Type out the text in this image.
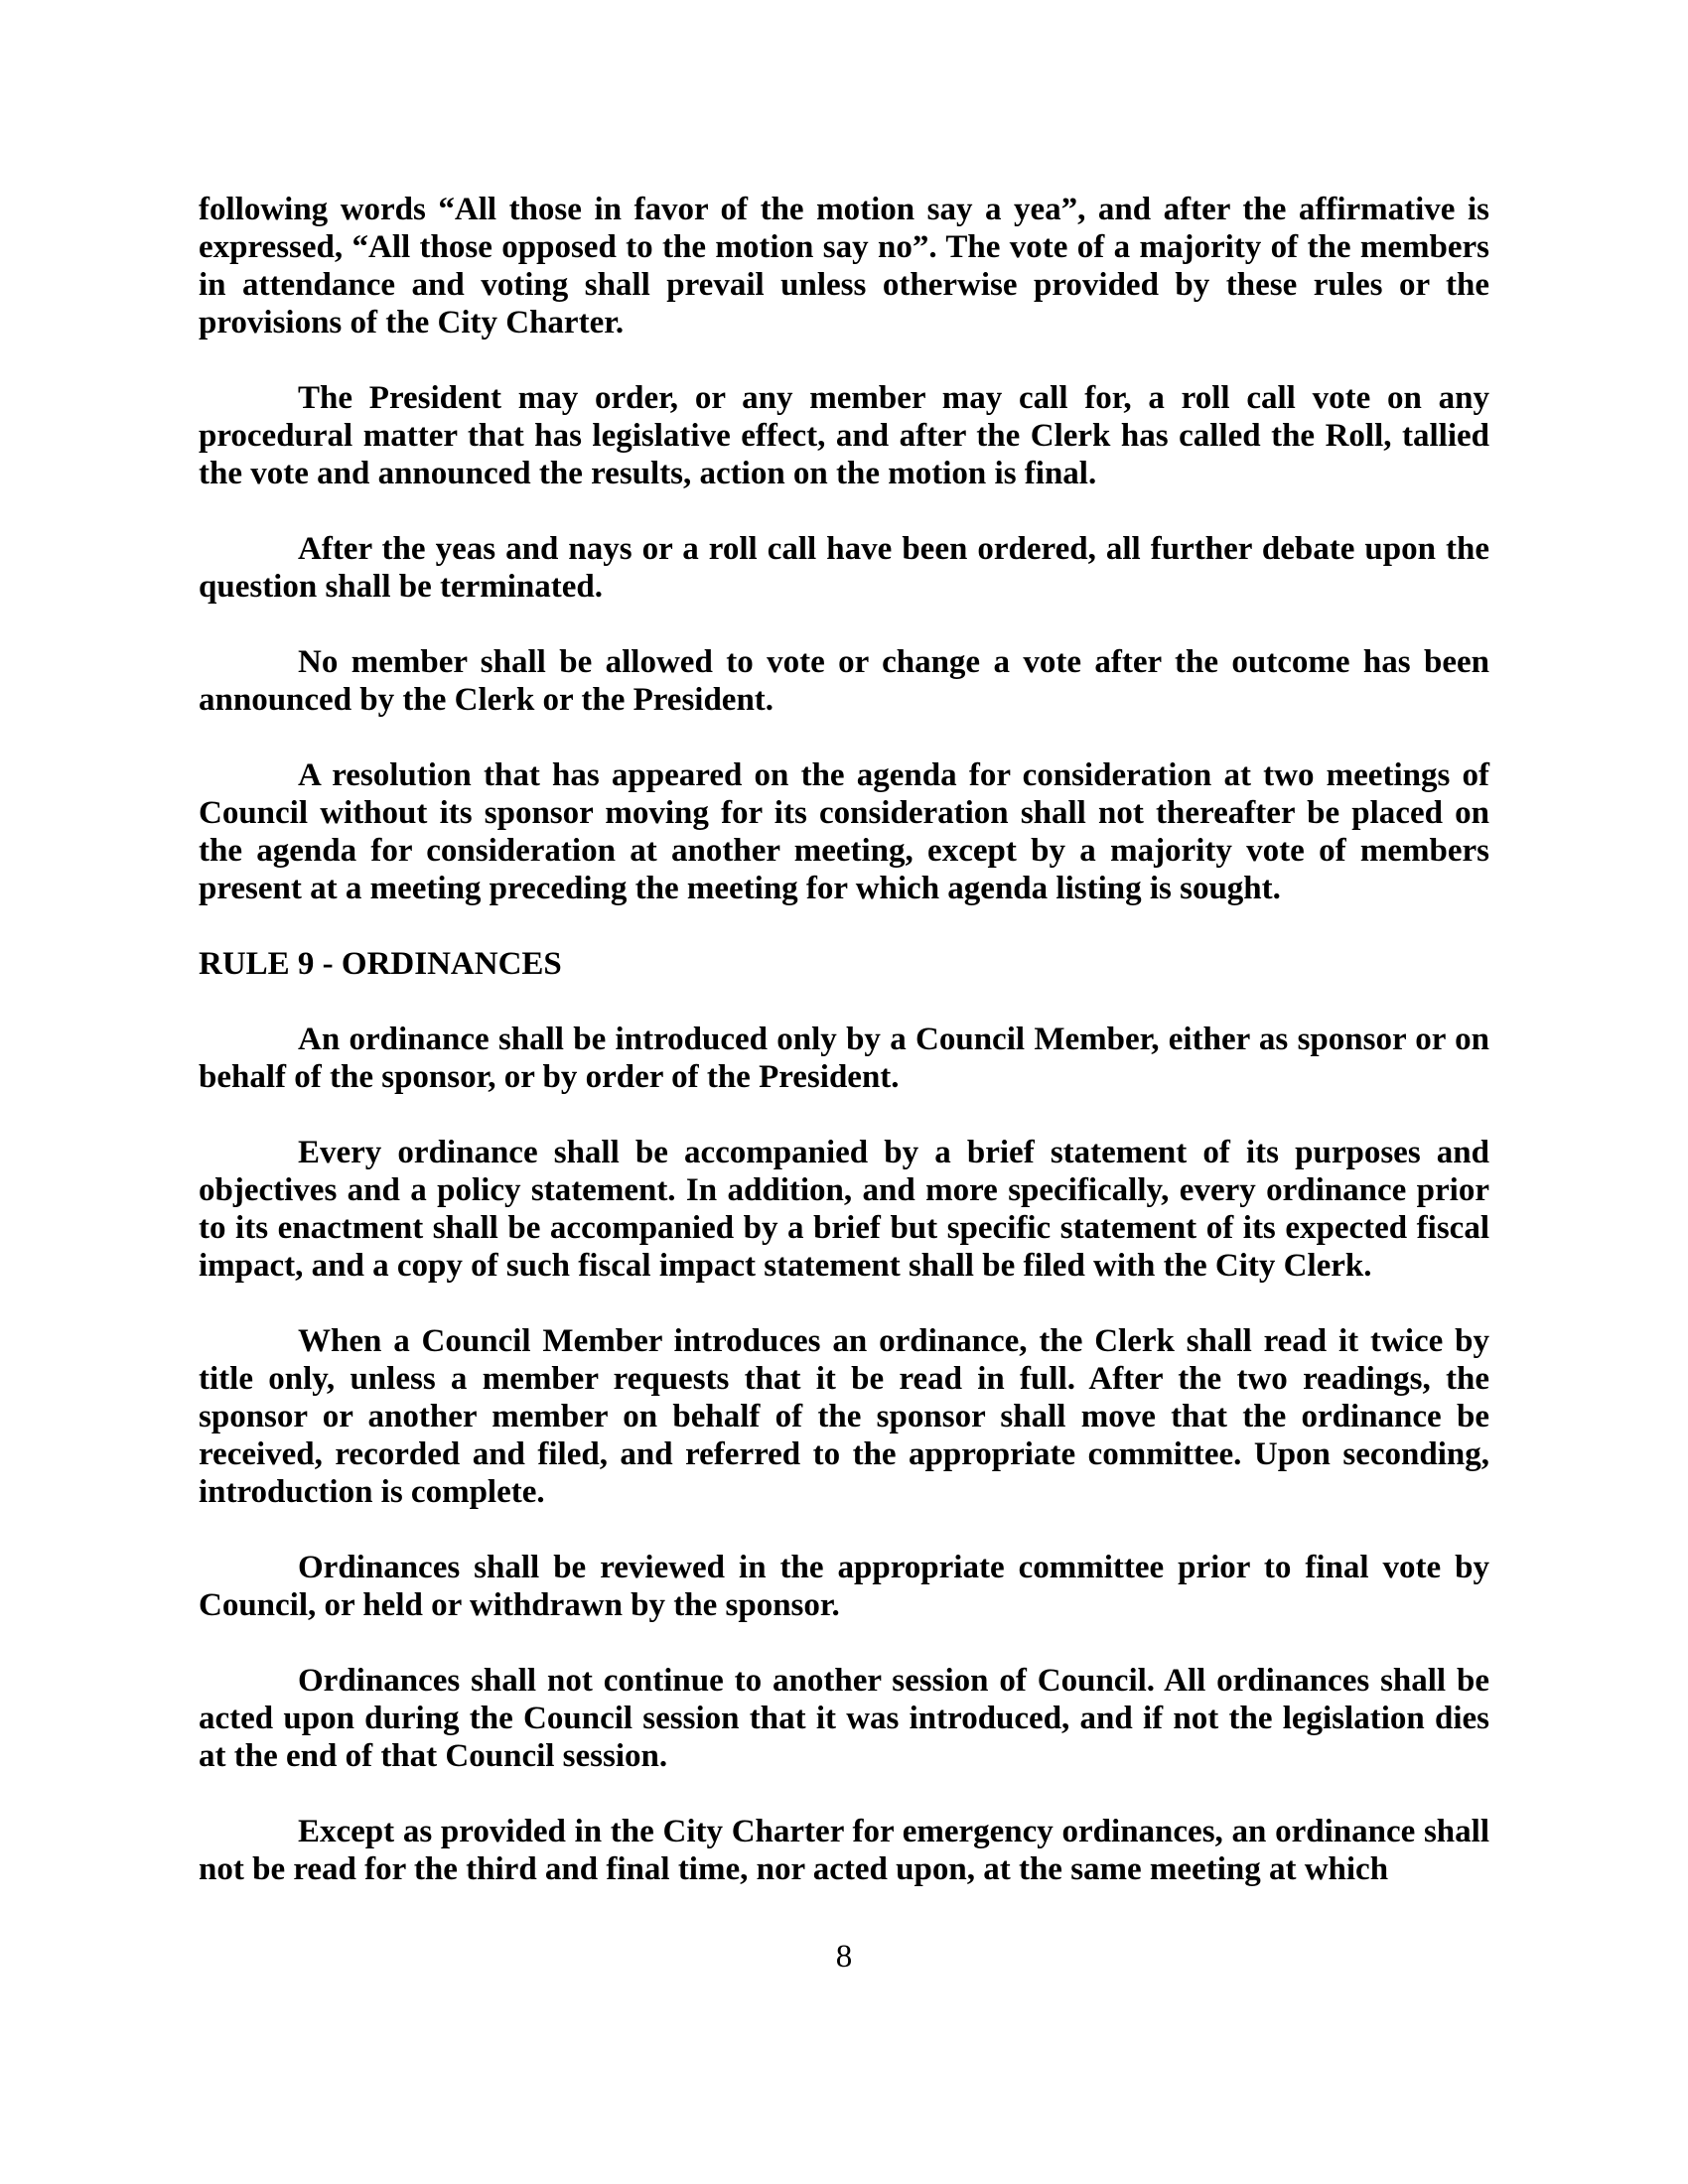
following words “All those in favor of the motion say a yea”, and after the affirmative is expressed, “All those opposed to the motion say no”. The vote of a majority of the members in attendance and voting shall prevail unless otherwise provided by these rules or the provisions of the City Charter.

The President may order, or any member may call for, a roll call vote on any procedural matter that has legislative effect, and after the Clerk has called the Roll, tallied the vote and announced the results, action on the motion is final.

After the yeas and nays or a roll call have been ordered, all further debate upon the question shall be terminated.

No member shall be allowed to vote or change a vote after the outcome has been announced by the Clerk or the President.

A resolution that has appeared on the agenda for consideration at two meetings of Council without its sponsor moving for its consideration shall not thereafter be placed on the agenda for consideration at another meeting, except by a majority vote of members present at a meeting preceding the meeting for which agenda listing is sought.

RULE 9 - ORDINANCES

An ordinance shall be introduced only by a Council Member, either as sponsor or on behalf of the sponsor, or by order of the President.

Every ordinance shall be accompanied by a brief statement of its purposes and objectives and a policy statement. In addition, and more specifically, every ordinance prior to its enactment shall be accompanied by a brief but specific statement of its expected fiscal impact, and a copy of such fiscal impact statement shall be filed with the City Clerk.

When a Council Member introduces an ordinance, the Clerk shall read it twice by title only, unless a member requests that it be read in full. After the two readings, the sponsor or another member on behalf of the sponsor shall move that the ordinance be received, recorded and filed, and referred to the appropriate committee. Upon seconding, introduction is complete.

Ordinances shall be reviewed in the appropriate committee prior to final vote by Council, or held or withdrawn by the sponsor.

Ordinances shall not continue to another session of Council. All ordinances shall be acted upon during the Council session that it was introduced, and if not the legislation dies at the end of that Council session.

Except as provided in the City Charter for emergency ordinances, an ordinance shall not be read for the third and final time, nor acted upon, at the same meeting at which

8
